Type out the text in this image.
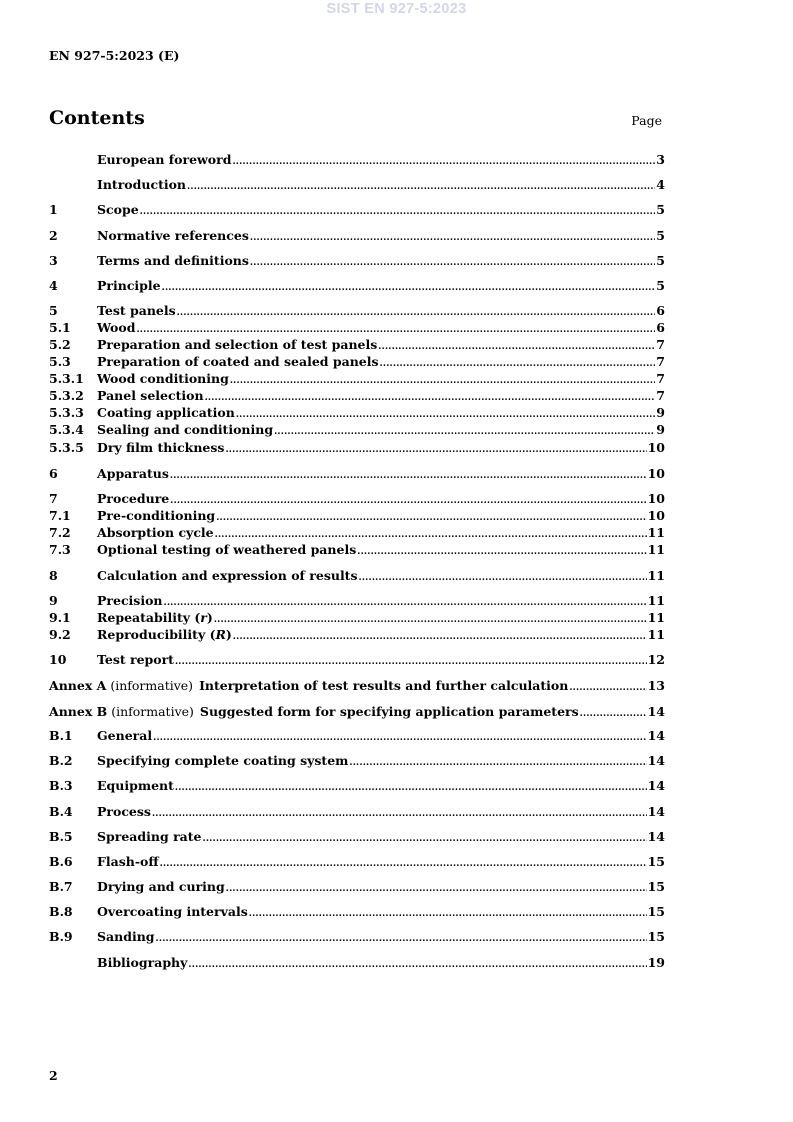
SIST EN 927-5:2023
EN 927-5:2023 (E)
Contents	Page
European foreword .....	3
Introduction .....	4
1	Scope .....	5
2	Normative references .....	5
3	Terms and definitions .....	5
4	Principle .....	5
5	Test panels .....	6
5.1	Wood .....	6
5.2	Preparation and selection of test panels .....	7
5.3	Preparation of coated and sealed panels .....	7
5.3.1	Wood conditioning .....	7
5.3.2	Panel selection .....	7
5.3.3	Coating application .....	9
5.3.4	Sealing and conditioning .....	9
5.3.5	Dry film thickness .....	10
6	Apparatus .....	10
7	Procedure .....	10
7.1	Pre-conditioning .....	10
7.2	Absorption cycle .....	11
7.3	Optional testing of weathered panels .....	11
8	Calculation and expression of results .....	11
9	Precision .....	11
9.1	Repeatability (r) .....	11
9.2	Reproducibility (R) .....	11
10	Test report .....	12
Annex A (informative) Interpretation of test results and further calculation .....	13
Annex B (informative) Suggested form for specifying application parameters .....	14
B.1	General .....	14
B.2	Specifying complete coating system .....	14
B.3	Equipment .....	14
B.4	Process .....	14
B.5	Spreading rate .....	14
B.6	Flash-off .....	15
B.7	Drying and curing .....	15
B.8	Overcoating intervals .....	15
B.9	Sanding .....	15
Bibliography .....	19
2
